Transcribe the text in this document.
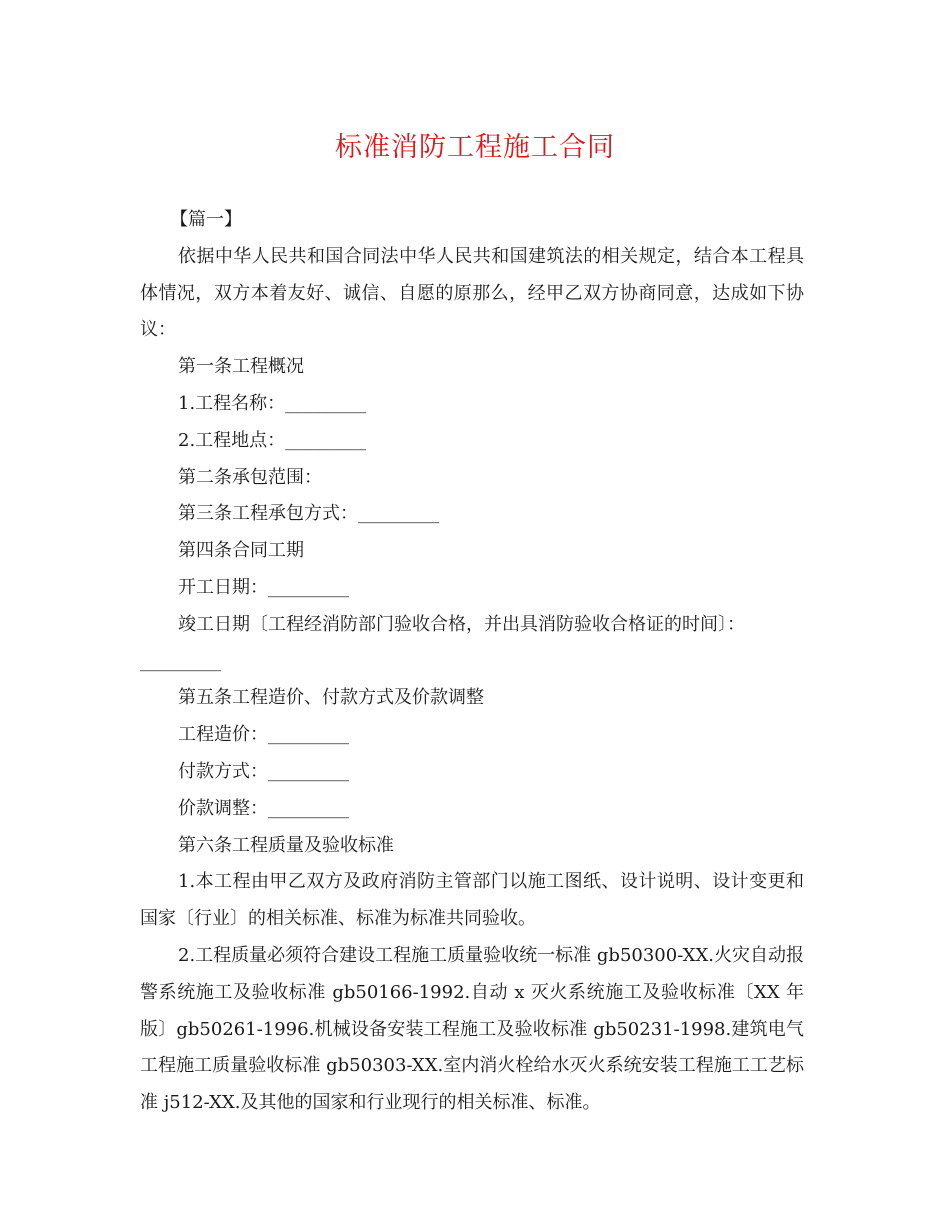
标准消防工程施工合同

【篇一】

依据中华人民共和国合同法中华人民共和国建筑法的相关规定，结合本工程具体情况，双方本着友好、诚信、自愿的原那么，经甲乙双方协商同意，达成如下协议：

第一条工程概况

1.工程名称：_________

2.工程地点：_________

第二条承包范围：

第三条工程承包方式：_________

第四条合同工期

开工日期：_________

竣工日期〔工程经消防部门验收合格，并出具消防验收合格证的时间〕：

_________

第五条工程造价、付款方式及价款调整

工程造价：_________

付款方式：_________

价款调整：_________

第六条工程质量及验收标准

1.本工程由甲乙双方及政府消防主管部门以施工图纸、设计说明、设计变更和国家〔行业〕的相关标准、标准为标准共同验收。

2.工程质量必须符合建设工程施工质量验收统一标准 gb50300-XX.火灾自动报警系统施工及验收标准 gb50166-1992.自动 x 灭火系统施工及验收标准〔XX 年版〕gb50261-1996.机械设备安装工程施工及验收标准 gb50231-1998.建筑电气工程施工质量验收标准 gb50303-XX.室内消火栓给水灭火系统安装工程施工工艺标准 j512-XX.及其他的国家和行业现行的相关标准、标准。
